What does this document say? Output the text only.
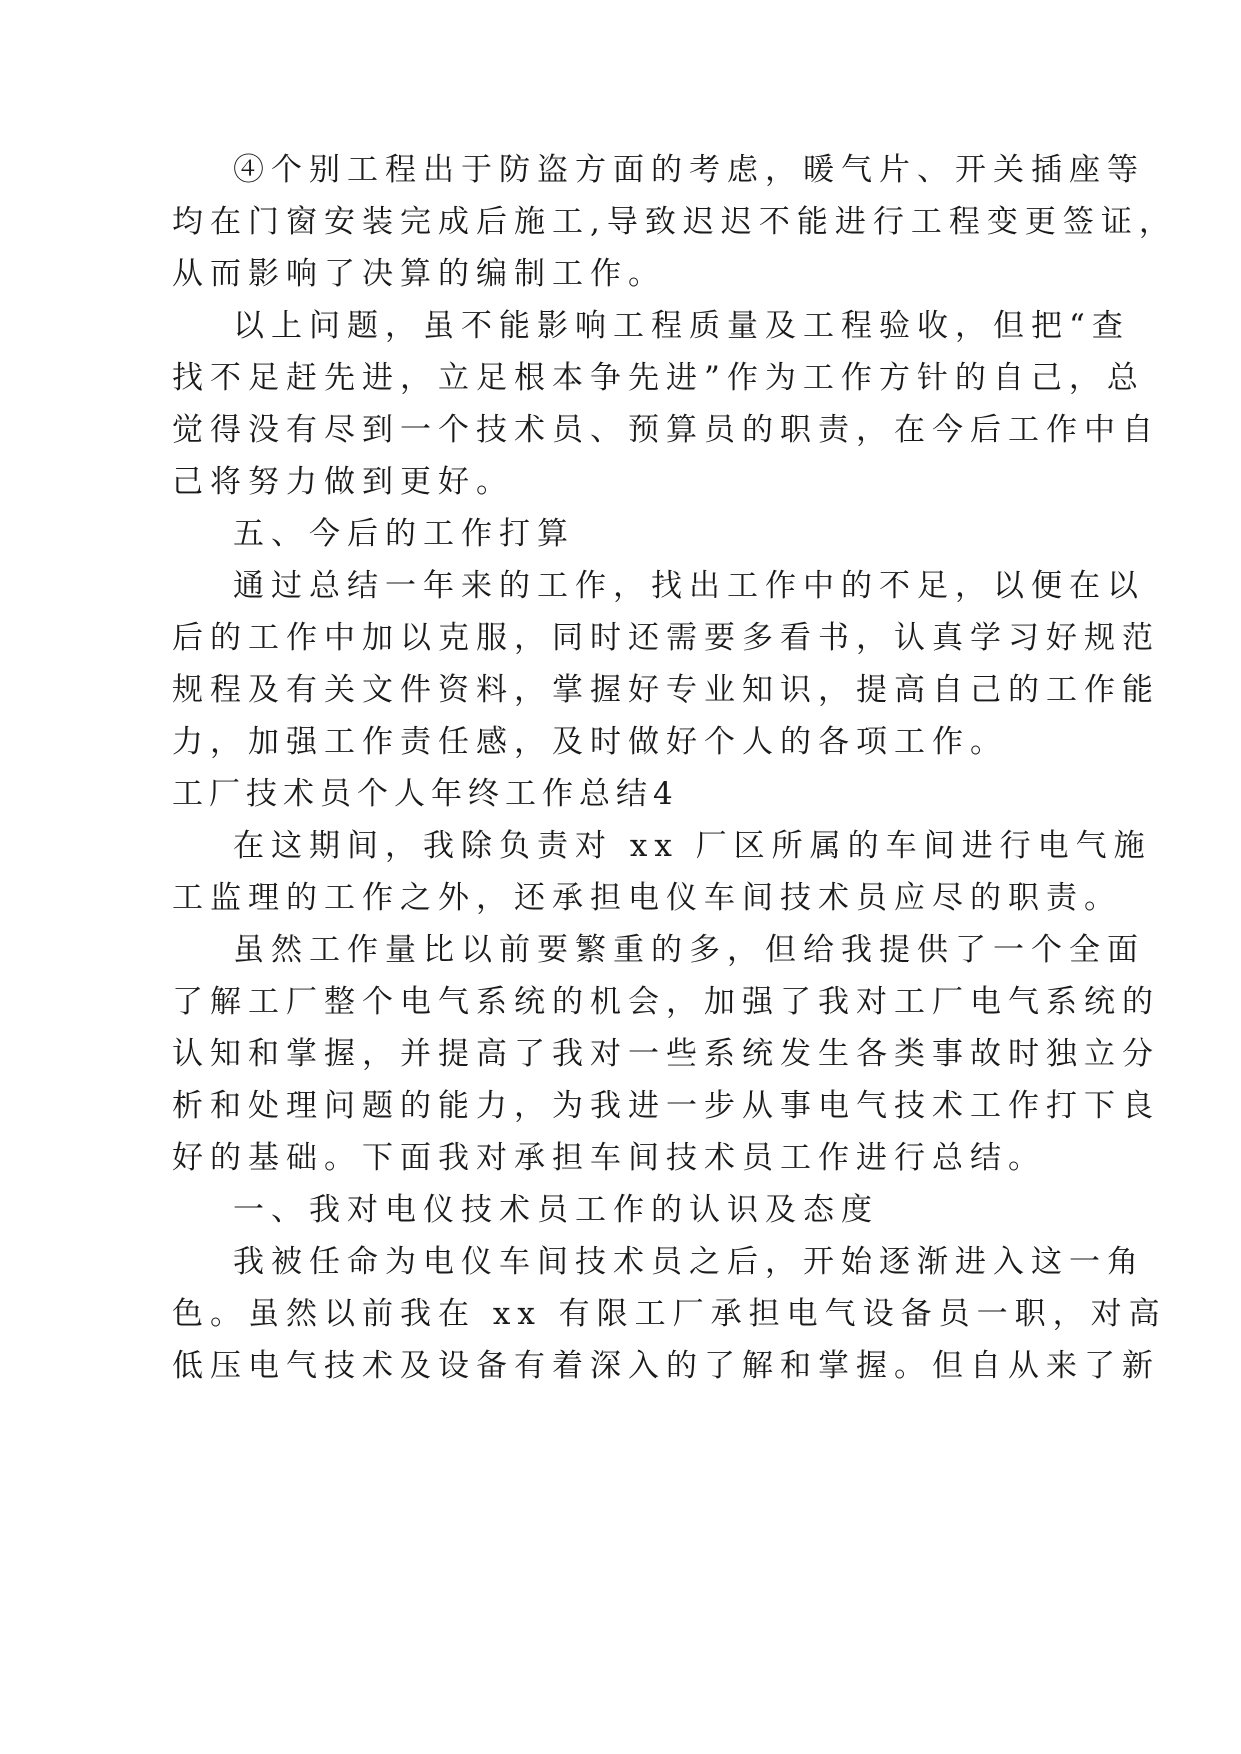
④个别工程出于防盗方面的考虑，暖气片、开关插座等
均在门窗安装完成后施工,导致迟迟不能进行工程变更签证，
从而影响了决算的编制工作。
以上问题，虽不能影响工程质量及工程验收，但把“查
找不足赶先进，立足根本争先进”作为工作方针的自己，总
觉得没有尽到一个技术员、预算员的职责，在今后工作中自
己将努力做到更好。
五、今后的工作打算
通过总结一年来的工作，找出工作中的不足，以便在以
后的工作中加以克服，同时还需要多看书，认真学习好规范
规程及有关文件资料，掌握好专业知识，提高自己的工作能
力，加强工作责任感，及时做好个人的各项工作。
工厂技术员个人年终工作总结4
在这期间，我除负责对 xx 厂区所属的车间进行电气施
工监理的工作之外，还承担电仪车间技术员应尽的职责。
虽然工作量比以前要繁重的多，但给我提供了一个全面
了解工厂整个电气系统的机会，加强了我对工厂电气系统的
认知和掌握，并提高了我对一些系统发生各类事故时独立分
析和处理问题的能力，为我进一步从事电气技术工作打下良
好的基础。下面我对承担车间技术员工作进行总结。
一、我对电仪技术员工作的认识及态度
我被任命为电仪车间技术员之后，开始逐渐进入这一角
色。虽然以前我在 xx 有限工厂承担电气设备员一职，对高
低压电气技术及设备有着深入的了解和掌握。但自从来了新
